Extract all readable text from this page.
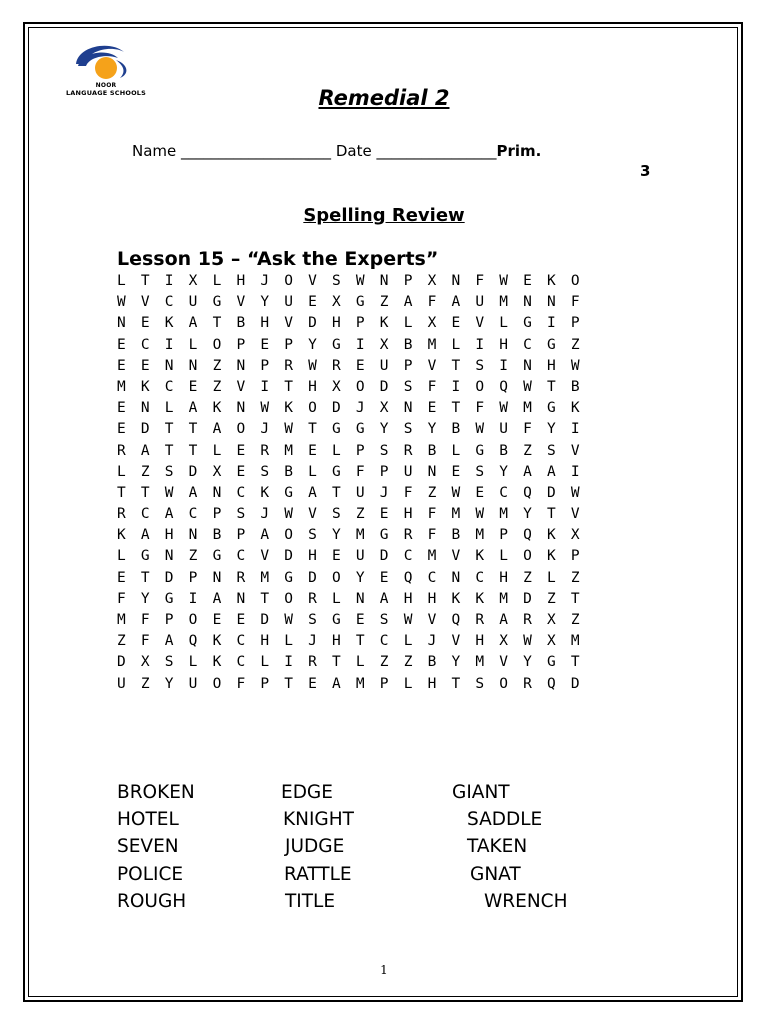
NOOR
LANGUAGE SCHOOLS	Remedial 2
Name ____________________ Date ________________Prim.
3
Spelling Review
Lesson 15 – “Ask the Experts”
L	T	I	X	L	H	J	O	V	S	W	N	P	X	N	F	W	E	K	O
W	V	C	U	G	V	Y	U	E	X	G	Z	A	F	A	U	M	N	N	F
N	E	K	A	T	B	H	V	D	H	P	K	L	X	E	V	L	G	I	P
E	C	I	L	O	P	E	P	Y	G	I	X	B	M	L	I	H	C	G	Z
E	E	N	N	Z	N	P	R	W	R	E	U	P	V	T	S	I	N	H	W
M	K	C	E	Z	V	I	T	H	X	O	D	S	F	I	O	Q	W	T	B
E	N	L	A	K	N	W	K	O	D	J	X	N	E	T	F	W	M	G	K
E	D	T	T	A	O	J	W	T	G	G	Y	S	Y	B	W	U	F	Y	I
R	A	T	T	L	E	R	M	E	L	P	S	R	B	L	G	B	Z	S	V
L	Z	S	D	X	E	S	B	L	G	F	P	U	N	E	S	Y	A	A	I
T	T	W	A	N	C	K	G	A	T	U	J	F	Z	W	E	C	Q	D	W
R	C	A	C	P	S	J	W	V	S	Z	E	H	F	M	W	M	Y	T	V
K	A	H	N	B	P	A	O	S	Y	M	G	R	F	B	M	P	Q	K	X
L	G	N	Z	G	C	V	D	H	E	U	D	C	M	V	K	L	O	K	P
E	T	D	P	N	R	M	G	D	O	Y	E	Q	C	N	C	H	Z	L	Z
F	Y	G	I	A	N	T	O	R	L	N	A	H	H	K	K	M	D	Z	T
M	F	P	O	E	E	D	W	S	G	E	S	W	V	Q	R	A	R	X	Z
Z	F	A	Q	K	C	H	L	J	H	T	C	L	J	V	H	X	W	X	M
D	X	S	L	K	C	L	I	R	T	L	Z	Z	B	Y	M	V	Y	G	T
U	Z	Y	U	O	F	P	T	E	A	M	P	L	H	T	S	O	R	Q	D
BROKEN	EDGE	GIANT
HOTEL	KNIGHT	SADDLE
SEVEN	JUDGE	TAKEN
POLICE	RATTLE	GNAT
ROUGH	TITLE	WRENCH
1
